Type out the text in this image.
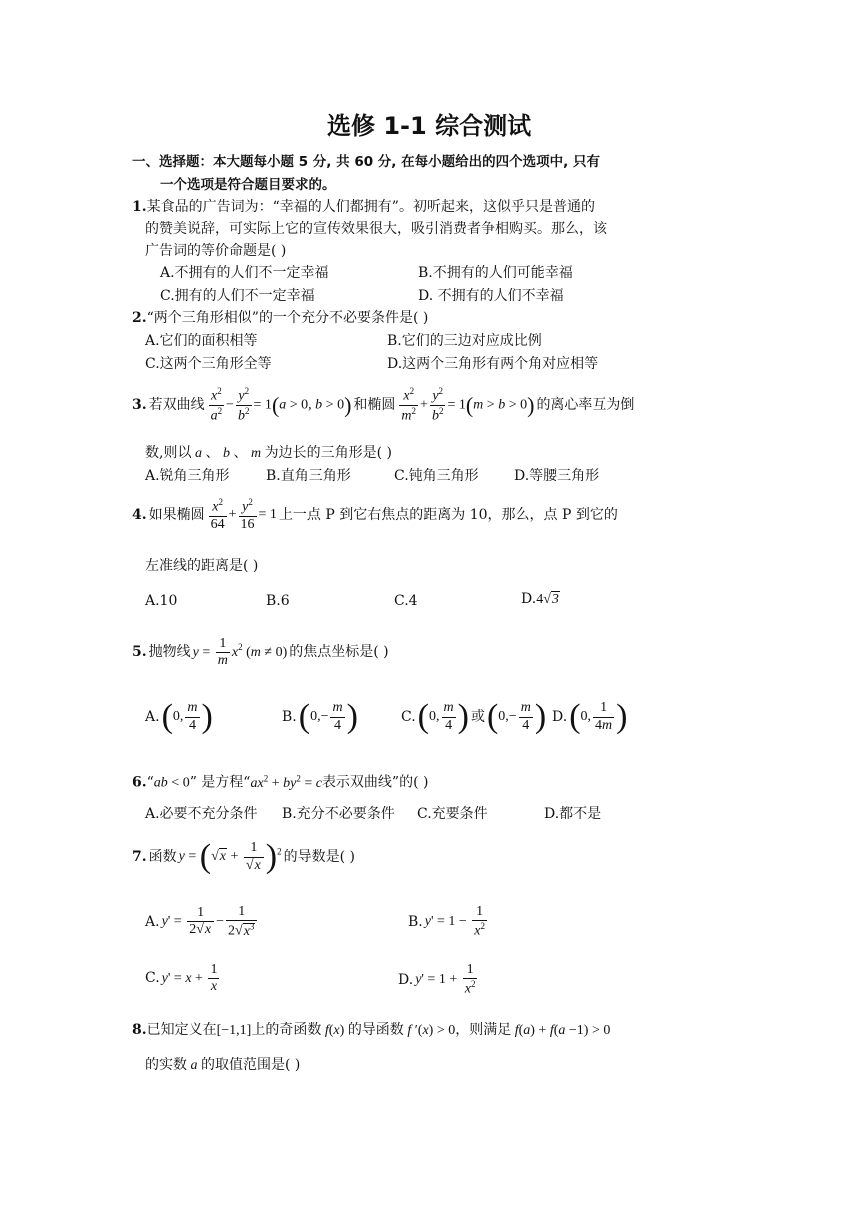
选修 1-1 综合测试
一、选择题：本大题每小题 5 分, 共 60 分, 在每小题给出的四个选项中, 只有
一个选项是符合题目要求的。
1.某食品的广告词为：“幸福的人们都拥有”。初听起来，这似乎只是普通的
的赞美说辞，可实际上它的宣传效果很大，吸引消费者争相购买。那么，该
广告词的等价命题是( )
A.不拥有的人们不一定幸福	B.不拥有的人们可能幸福
C.拥有的人们不一定幸福	D. 不拥有的人们不幸福
2.“两个三角形相似”的一个充分不必要条件是( )
A.它们的面积相等	B.它们的三边对应成比例
C.这两个三角形全等	D.这两个三角形有两个角对应相等
3. 若双曲线 $\frac{x^2}{a^2} - \frac{y^2}{b^2} = 1(a > 0$, b > 0) 和椭圆 $\frac{x^2}{m^2} + \frac{y^2}{b^2} = 1(m > b > 0)$ 的离心率互为倒
数,则以 a 、 b 、 m 为边长的三角形是( )
A.锐角三角形	B.直角三角形	C.钝角三角形	D.等腰三角形
4. 如果椭圆 $\frac{x^2}{64} + \frac{y^2}{16} = 1$ 上一点 P 到它右焦点的距离为 10，那么，点 P 到它的
左准线的距离是( )
A.10	B.6	C.4	D.4√3
5. 抛物线 $y = \frac{1}{m} x^2$ (m ≠ 0) 的焦点坐标是( )
A. (0, $\frac{m}{4}$ )	B. ($0,- \frac{m}{4}$ )	C. (0, $\frac{m}{4}$ ) 或 ($0,- \frac{m}{4}$ ) D. (0, $\frac{1}{4m}$ )
6.“ab < 0” 是方程“$ax^2 + by^2 = c$表示双曲线”的( )
A.必要不充分条件 B.充分不必要条件 C.充要条件	D.都不是
7. 函数 $y = (√x + \frac{1}{√x} )^2$ 的导数是( )
A. $y' = \frac{1}{2√x} - \frac{1}{2√x^3}$	B. $y' = 1 - \frac{1}{x^2}$
C. $y' = x + \frac{1}{x}$	D. $y' = 1 + \frac{1}{x^2}$
8.已知定义在[−1,1]上的奇函数 f(x) 的导函数 f ′(x) > 0，则满足 f(a) + f(a −1) > 0
的实数 a 的取值范围是( )
